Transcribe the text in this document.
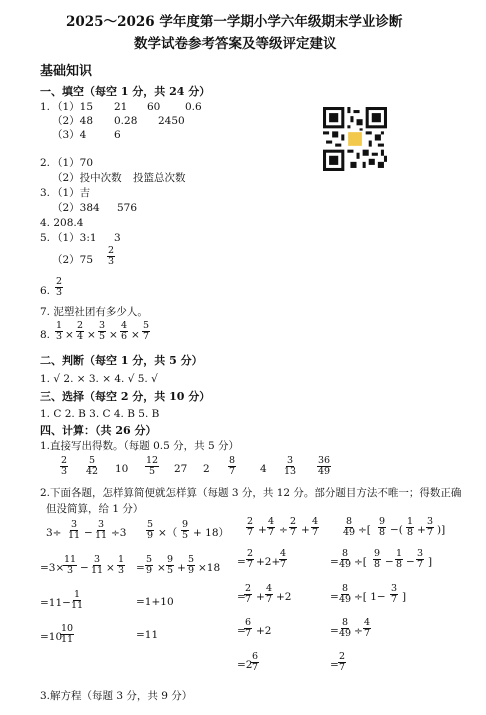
2025～2026 学年度第一学期小学六年级期末学业诊断
数学试卷参考答案及等级评定建议
基础知识
一、填空（每空 1 分，共 24 分）
1. （1）15 21 60 0.6
（2）48 0.28 2450
（3）4	6
2. （1）70
（2）投中次数 投篮总次数
3. （1）吉
（2）384 576
4. 208.4
5. （1）3:1 3
$(2)75 \frac{2}{3}$
6. $\frac{2}{3}$
7. 泥塑社团有多少人。
8. $\frac{1}{3} \times \frac{2}{4} \times \frac{3}{5} \times \frac{4}{6} \times \frac{5}{7}$
二、判断（每空 1 分，共 5 分）
1. √ 2. × 3. × 4. √ 5. √
三、选择（每空 2 分，共 10 分）
1. C 2. B 3. C 4. B 5. B
四、计算：（共 26 分）
1.直接写出得数。（每题 0.5 分，共 5 分）
$\frac{2}{3} \frac{5}{42} 10 \frac{12}{5} 27$ $2 \frac{8}{7} 4 \frac{3}{13} \frac{36}{49}$
2.下面各题，怎样算简便就怎样算（每题 3 分，共 12 分。部分题目方法不唯一；得数正确
但没简算，给 1 分）
$3\div \frac{3}{11} - \frac{3}{11} \div 3$
=3×
$\frac{11}{3} - \frac{3}{11} \times \frac{1}{3}$
$=11- \frac{1}{11}$
=10
$\frac{10}{11}$
$\frac{5}{9}$ ×（ $\frac{9}{5} + 18$）
= $\frac{5}{9} \times \frac{9}{5} + \frac{5}{9} \times 18$
=1+10
=11
$\frac{2}{7} + \frac{4}{7} \div \frac{2}{7} + \frac{4}{7}$
= $\frac{2}{7} +2+$
$\frac{4}{7}$
=
$\frac{2}{7} + \frac{4}{7} +2$
=
$\frac{6}{7} +2$
=2
$\frac{6}{7}$
$\frac{8}{49}$ ÷[ $\frac{9}{8}$ −( $\frac{1}{8} + \frac{3}{7}$ )]
= $\frac{8}{49}$ ÷[ $\frac{9}{8} - \frac{1}{8} - \frac{3}{7}$ ]
= $\frac{8}{49}$ ÷[ $1- \frac{3}{7}$ ]
= $\frac{8}{49} \div \frac{4}{7}$
= $\frac{2}{7}$
3.解方程（每题 3 分，共 9 分）
